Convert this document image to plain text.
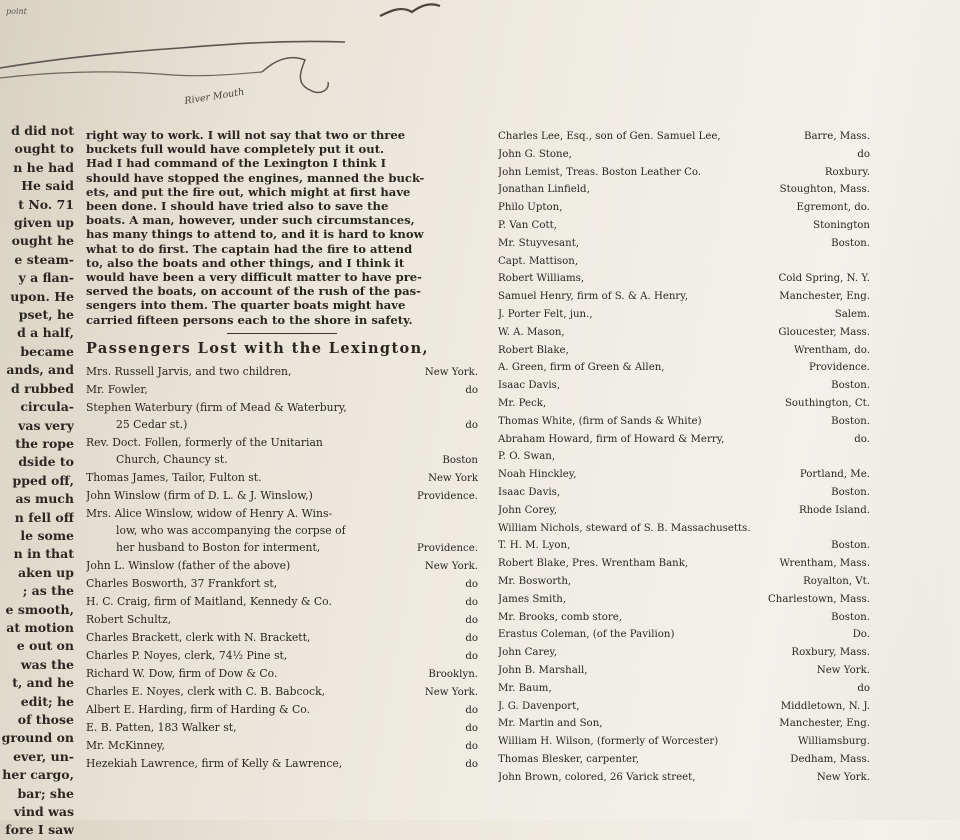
point
River Mouth
d did not
ought to
n he had
He said
t No. 71
given up
ought he
e steam-
y a flan-
upon. He
pset, he
d a half,
became
ands, and
d rubbed
circula-
vas very
the rope
dside to
pped off,
as much
n fell off
le some
n in that
aken up
; as the
e smooth,
at motion
e out on
was the
t, and he
edit; he
of those
ground on
ever, un-
her cargo,
bar; she
vind was
fore I saw
right way to work. I will not say that two or three
buckets full would have completely put it out.
Had I had command of the Lexington I think I
should have stopped the engines, manned the buck-
ets, and put the fire out, which might at first have
been done. I should have tried also to save the
boats. A man, however, under such circumstances,
has many things to attend to, and it is hard to know
what to do first. The captain had the fire to attend
to, also the boats and other things, and I think it
would have been a very difficult matter to have pre-
served the boats, on account of the rush of the pas-
sengers into them. The quarter boats might have
carried fifteen persons each to the shore in safety.
Passengers Lost with the Lexington,
Mrs. Russell Jarvis, and two children,	New York.
Mr. Fowler,	do
Stephen Waterbury (firm of Mead & Waterbury,
25 Cedar st.)	do
Rev. Doct. Follen, formerly of the Unitarian
Church, Chauncy st.	Boston
Thomas James, Tailor, Fulton st.	New York
John Winslow (firm of D. L. & J. Winslow,)	Providence.
Mrs. Alice Winslow, widow of Henry A. Wins-
low, who was accompanying the corpse of
her husband to Boston for interment,	Providence.
John L. Winslow (father of the above)	New York.
Charles Bosworth, 37 Frankfort st,	do
H. C. Craig, firm of Maitland, Kennedy & Co.	do
Robert Schultz,	do
Charles Brackett, clerk with N. Brackett,	do
Charles P. Noyes, clerk, 74½ Pine st,	do
Richard W. Dow, firm of Dow & Co.	Brooklyn.
Charles E. Noyes, clerk with C. B. Babcock,	New York.
Albert E. Harding, firm of Harding & Co.	do
E. B. Patten, 183 Walker st,	do
Mr. McKinney,	do
Hezekiah Lawrence, firm of Kelly & Lawrence,	do
Charles Lee, Esq., son of Gen. Samuel Lee,	Barre, Mass.
John G. Stone,	do
John Lemist, Treas. Boston Leather Co.	Roxbury.
Jonathan Linfield,	Stoughton, Mass.
Philo Upton,	Egremont, do.
P. Van Cott,	Stonington
Mr. Stuyvesant,	Boston.
Capt. Mattison,
Robert Williams,	Cold Spring, N. Y.
Samuel Henry, firm of S. & A. Henry,	Manchester, Eng.
J. Porter Felt, jun.,	Salem.
W. A. Mason,	Gloucester, Mass.
Robert Blake,	Wrentham, do.
A. Green, firm of Green & Allen,	Providence.
Isaac Davis,	Boston.
Mr. Peck,	Southington, Ct.
Thomas White, (firm of Sands & White)	Boston.
Abraham Howard, firm of Howard & Merry,	do.
P. O. Swan,
Noah Hinckley,	Portland, Me.
Isaac Davis,	Boston.
John Corey,	Rhode Island.
William Nichols, steward of S. B. Massachusetts.
T. H. M. Lyon,	Boston.
Robert Blake, Pres. Wrentham Bank,	Wrentham, Mass.
Mr. Bosworth,	Royalton, Vt.
James Smith,	Charlestown, Mass.
Mr. Brooks, comb store,	Boston.
Erastus Coleman, (of the Pavilion)	Do.
John Carey,	Roxbury, Mass.
John B. Marshall,	New York.
Mr. Baum,	do
J. G. Davenport,	Middletown, N. J.
Mr. Martin and Son,	Manchester, Eng.
William H. Wilson, (formerly of Worcester)	Williamsburg.
Thomas Blesker, carpenter,	Dedham, Mass.
John Brown, colored, 26 Varick street,	New York.
